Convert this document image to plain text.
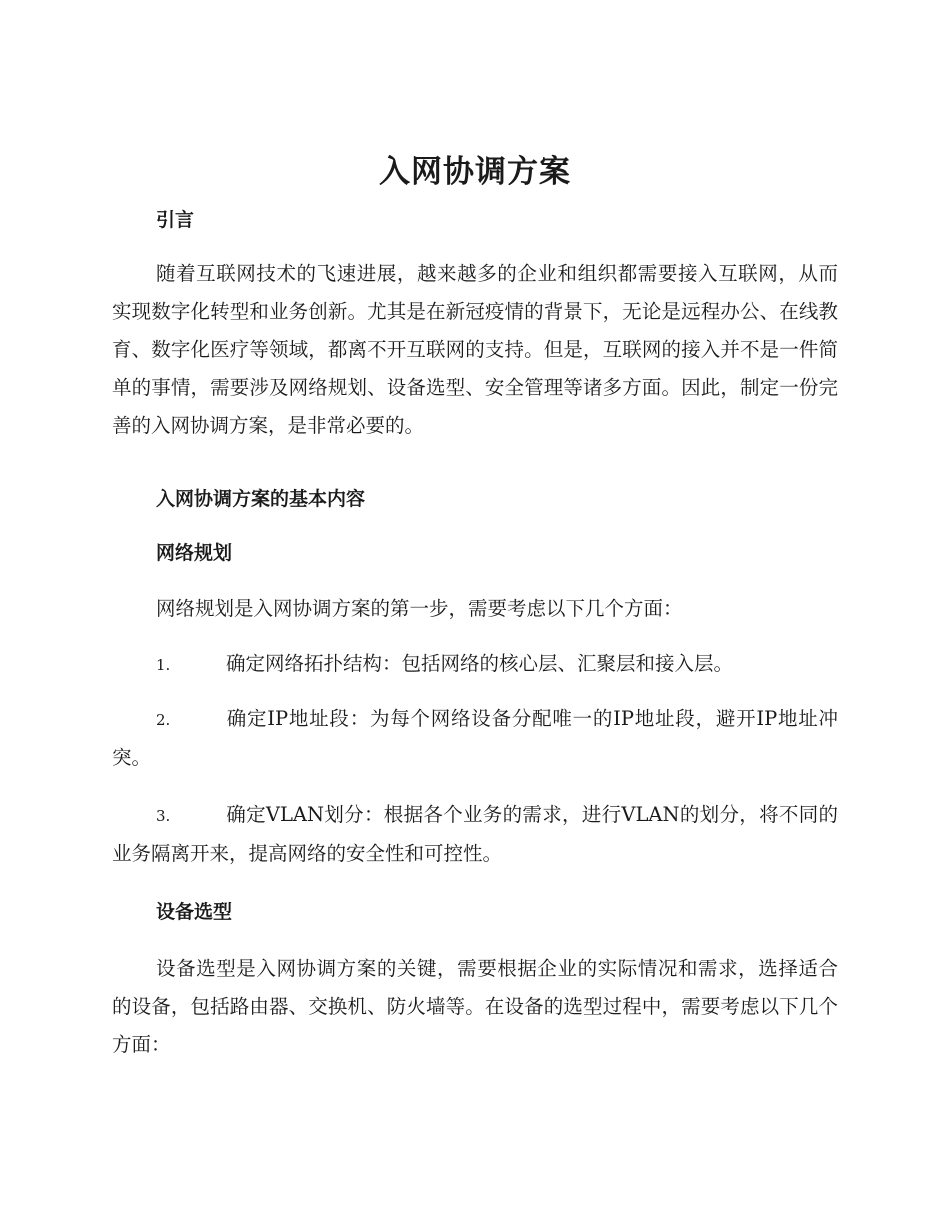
入网协调方案
引言

随着互联网技术的飞速进展，越来越多的企业和组织都需要接入互联网，从而实现数字化转型和业务创新。尤其是在新冠疫情的背景下，无论是远程办公、在线教育、数字化医疗等领域，都离不开互联网的支持。但是，互联网的接入并不是一件简单的事情，需要涉及网络规划、设备选型、安全管理等诸多方面。因此，制定一份完善的入网协调方案，是非常必要的。

入网协调方案的基本内容
网络规划

网络规划是入网协调方案的第一步，需要考虑以下几个方面：

1.	确定网络拓扑结构：包括网络的核心层、汇聚层和接入层。

2.	确定IP地址段：为每个网络设备分配唯一的IP地址段，避开IP地址冲突。

3.	确定VLAN划分：根据各个业务的需求，进行VLAN的划分，将不同的业务隔离开来，提高网络的安全性和可控性。

设备选型

设备选型是入网协调方案的关键，需要根据企业的实际情况和需求，选择适合的设备，包括路由器、交换机、防火墙等。在设备的选型过程中，需要考虑以下几个方面：
